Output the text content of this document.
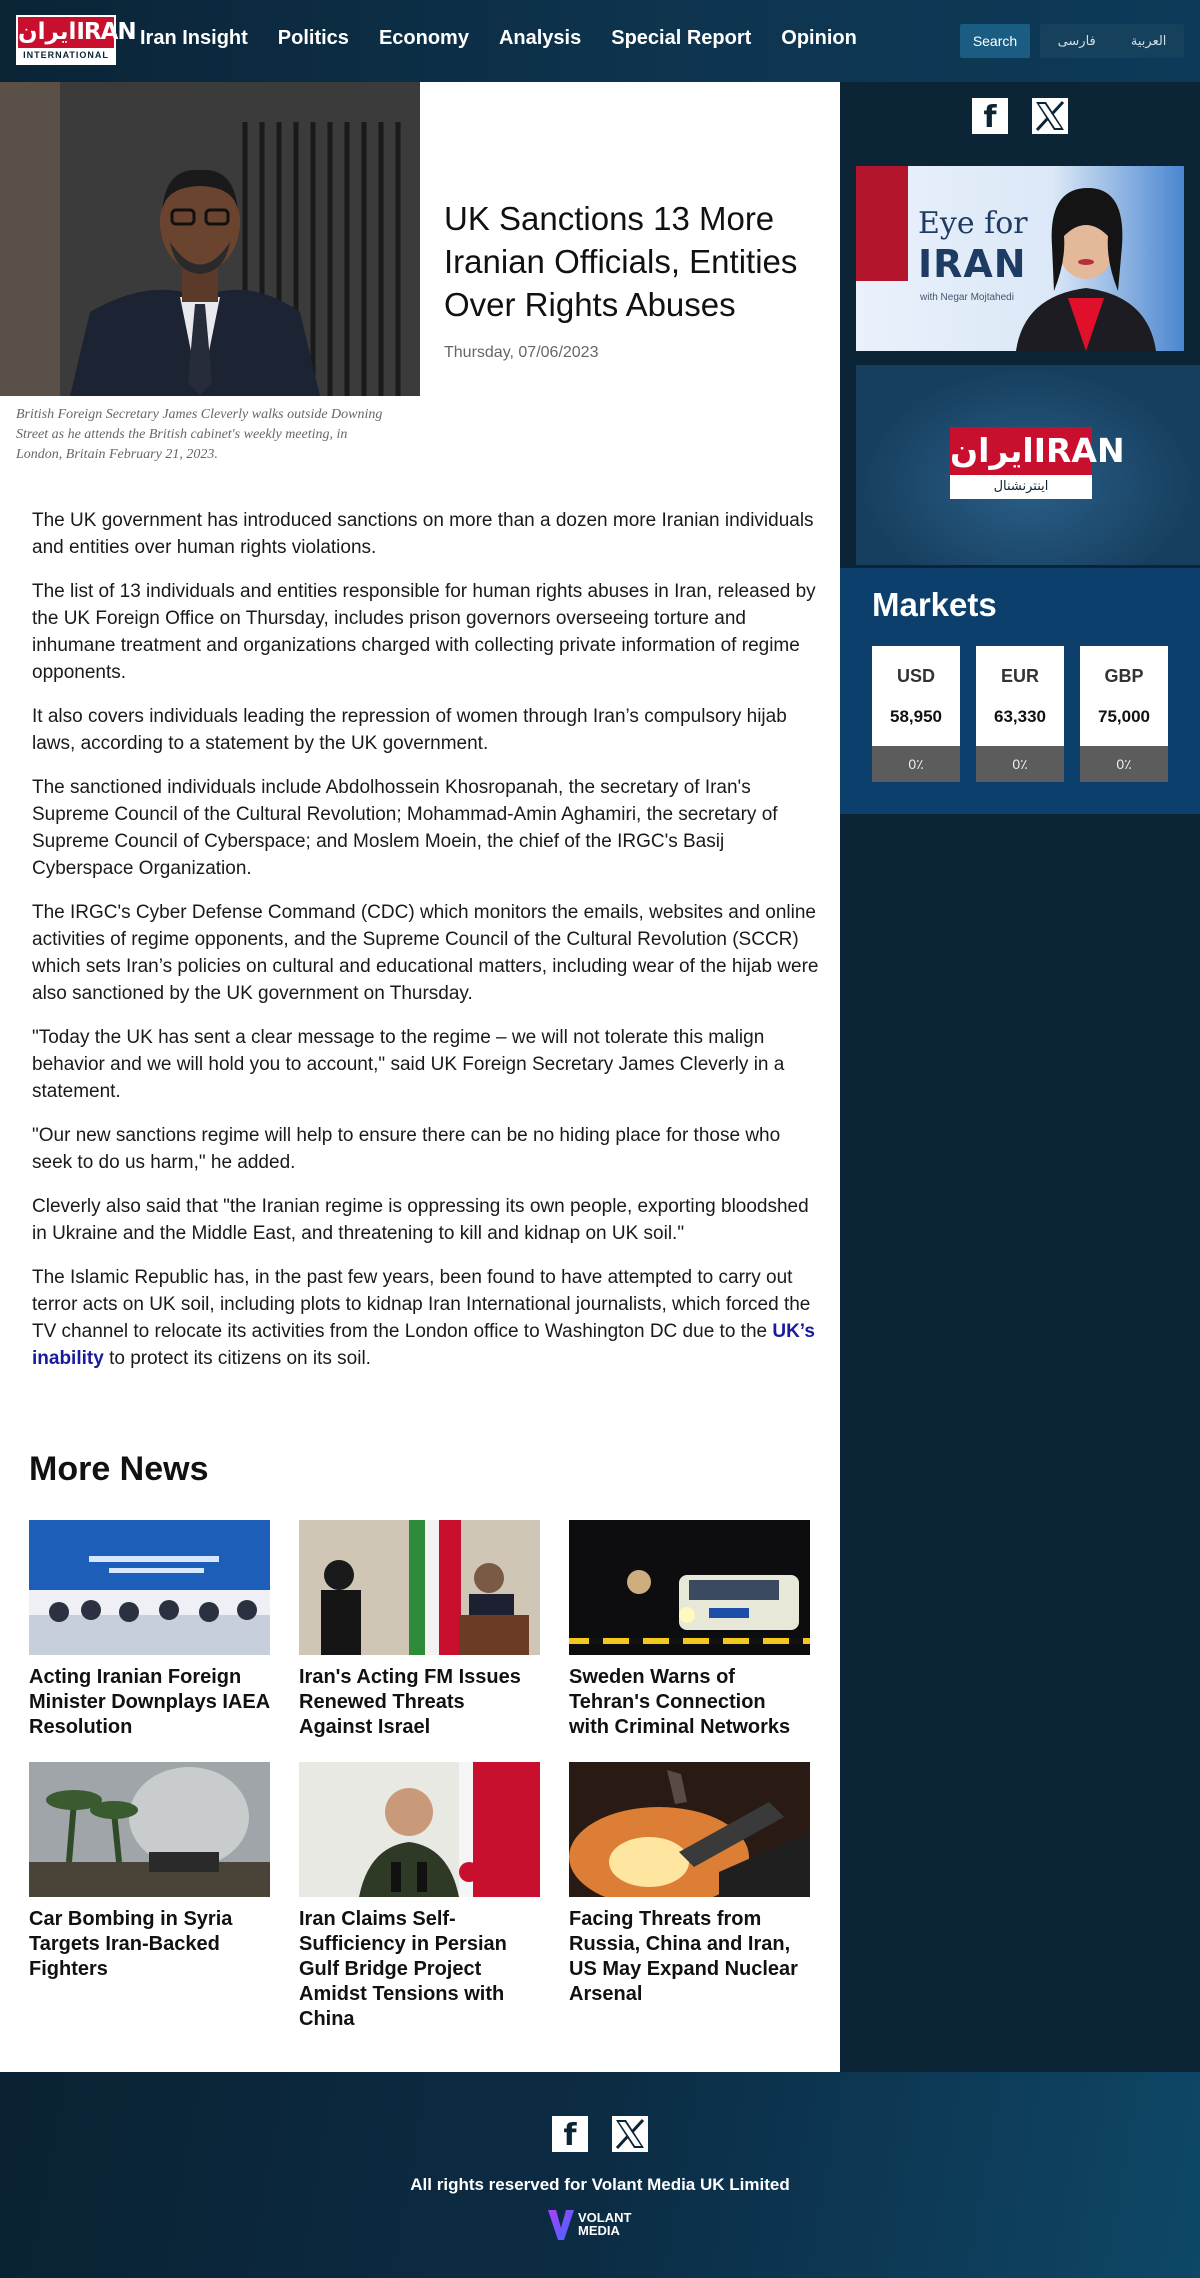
ایرانIRAN
INTERNATIONAL
Iran Insight Politics Economy Analysis Special Report Opinion	Search	فارسی	العربية

British Foreign Secretary James Cleverly walks outside Downing Street as he attends the British cabinet's weekly meeting, in London, Britain February 21, 2023.

UK Sanctions 13 More Iranian Officials, Entities Over Rights Abuses
Thursday, 07/06/2023

The UK government has introduced sanctions on more than a dozen more Iranian individuals and entities over human rights violations.

The list of 13 individuals and entities responsible for human rights abuses in Iran, released by the UK Foreign Office on Thursday, includes prison governors overseeing torture and inhumane treatment and organizations charged with collecting private information of regime opponents.

It also covers individuals leading the repression of women through Iran’s compulsory hijab laws, according to a statement by the UK government.

The sanctioned individuals include Abdolhossein Khosropanah, the secretary of Iran's Supreme Council of the Cultural Revolution; Mohammad-Amin Aghamiri, the secretary of Supreme Council of Cyberspace; and Moslem Moein, the chief of the IRGC's Basij Cyberspace Organization.

The IRGC's Cyber Defense Command (CDC) which monitors the emails, websites and online activities of regime opponents, and the Supreme Council of the Cultural Revolution (SCCR) which sets Iran’s policies on cultural and educational matters, including wear of the hijab were also sanctioned by the UK government on Thursday.

"Today the UK has sent a clear message to the regime – we will not tolerate this malign behavior and we will hold you to account," said UK Foreign Secretary James Cleverly in a statement.

"Our new sanctions regime will help to ensure there can be no hiding place for those who seek to do us harm," he added.

Cleverly also said that "the Iranian regime is oppressing its own people, exporting bloodshed in Ukraine and the Middle East, and threatening to kill and kidnap on UK soil."

The Islamic Republic has, in the past few years, been found to have attempted to carry out terror acts on UK soil, including plots to kidnap Iran International journalists, which forced the TV channel to relocate its activities from the London office to Washington DC due to the UK’s inability to protect its citizens on its soil.

More News
Acting Iranian Foreign Minister Downplays IAEA Resolution
Iran's Acting FM Issues Renewed Threats Against Israel
Sweden Warns of Tehran's Connection with Criminal Networks
Car Bombing in Syria Targets Iran-Backed Fighters
Iran Claims Self-Sufficiency in Persian Gulf Bridge Project Amidst Tensions with China
Facing Threats from Russia, China and Iran, US May Expand Nuclear Arsenal
f
Eye for
IRAN
with Negar Mojtahedi
ایرانIRAN
اینترنشنال
Markets
USD
58,950
0٪
EUR
63,330
0٪
GBP
75,000
0٪
f
All rights reserved for Volant Media UK Limited
VOLANT
MEDIA
